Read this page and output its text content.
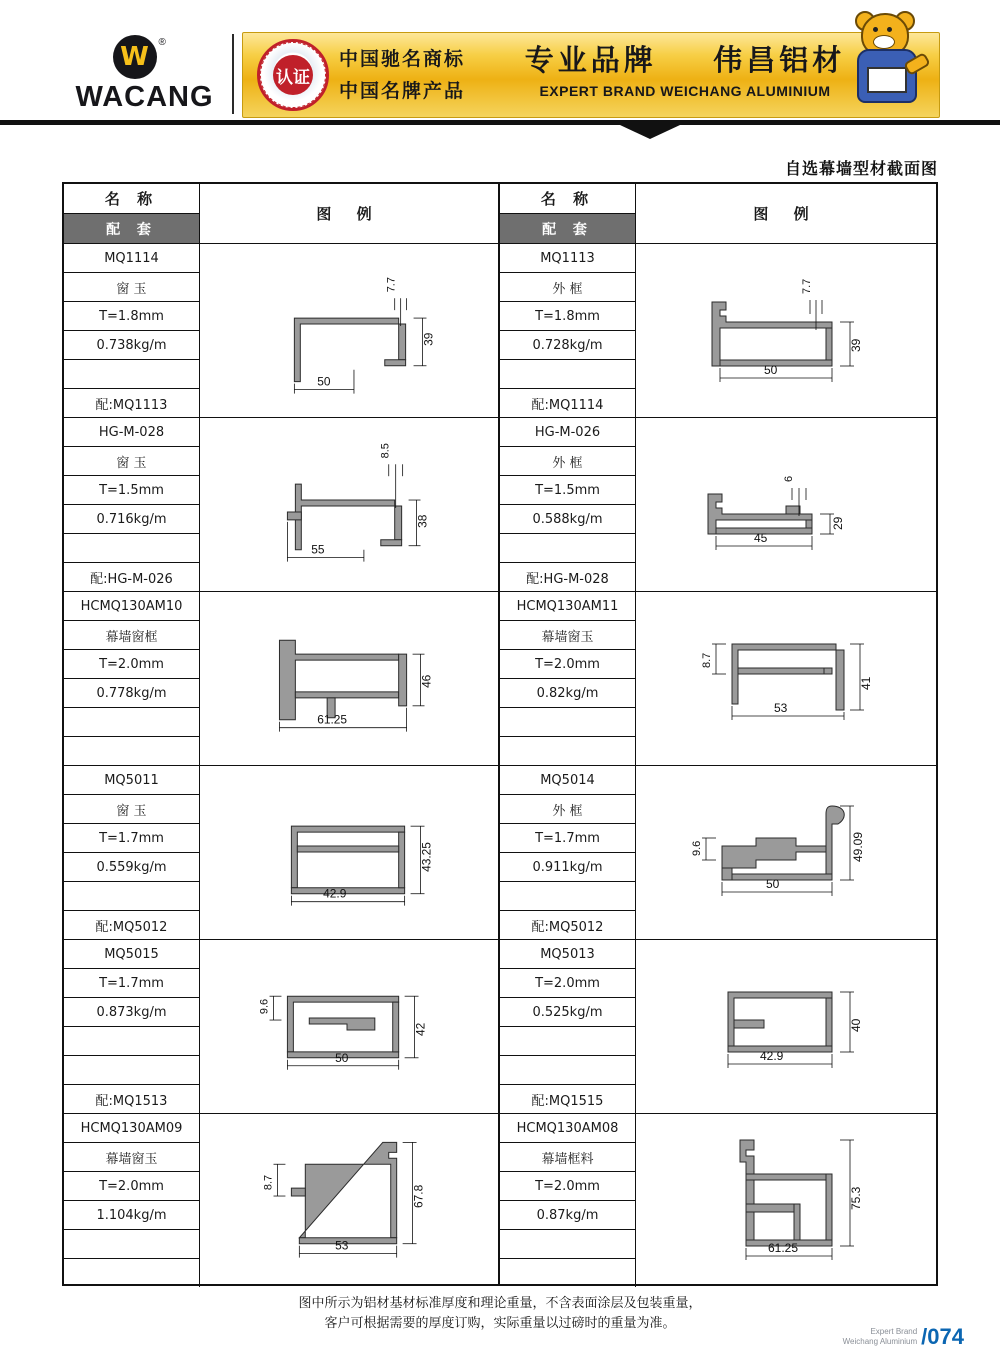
W ®
WACANG
认证
中国驰名商标
中国名牌产品
专业品牌 伟昌铝材
EXPERT BRAND WEICHANG ALUMINIUM
自选幕墙型材截面图
名 称
配 套
图 例
MQ1114
窗 玉
T=1.8mm
0.738kg/m
配:MQ1113
50
39
7.7
HG-M-028
窗 玉
T=1.5mm
0.716kg/m
配:HG-M-026
55
38
8.5
HCMQ130AM10
幕墙窗框
T=2.0mm
0.778kg/m
61.25
46
MQ5011
窗 玉
T=1.7mm
0.559kg/m
配:MQ5012
42.9
43.25
MQ5015
T=1.7mm
0.873kg/m
配:MQ1513
50
42
9.6
HCMQ130AM09
幕墙窗玉
T=2.0mm
1.104kg/m
53
67.8
8.7
名 称
配 套
图 例
MQ1113
外 框
T=1.8mm
0.728kg/m
配:MQ1114
50
39
7.7
HG-M-026
外 框
T=1.5mm
0.588kg/m
配:HG-M-028
45
29
6
HCMQ130AM11
幕墙窗玉
T=2.0mm
0.82kg/m
53
41
8.7
MQ5014
外 框
T=1.7mm
0.911kg/m
配:MQ5012
50
49.09
9.6
MQ5013
T=2.0mm
0.525kg/m
配:MQ1515
42.9
40
HCMQ130AM08
幕墙框料
T=2.0mm
0.87kg/m
61.25
75.3
图中所示为铝材基材标准厚度和理论重量，不含表面涂层及包装重量，
客户可根据需要的厚度订购，实际重量以过磅时的重量为准。
Expert Brand
Weichang Aluminium /074
